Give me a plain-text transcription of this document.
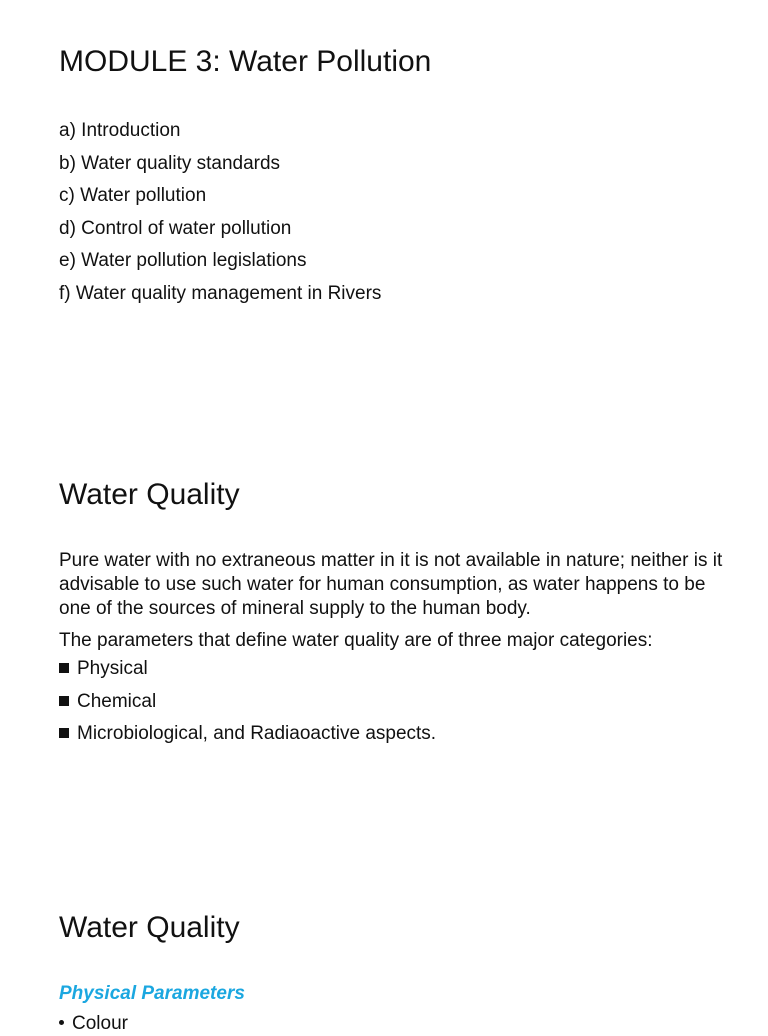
MODULE 3: Water Pollution
a) Introduction
b) Water quality standards
c) Water pollution
d) Control of water pollution
e) Water pollution legislations
f) Water quality management in Rivers
Water Quality

Pure water with no extraneous matter in it is not available in nature; neither is it advisable to use such water for human consumption, as water happens to be one of the sources of mineral supply to the human body.

The parameters that define water quality are of three major categories:

Physical
Chemical
Microbiological, and Radiaoactive aspects.
Water Quality
Physical Parameters
Colour
